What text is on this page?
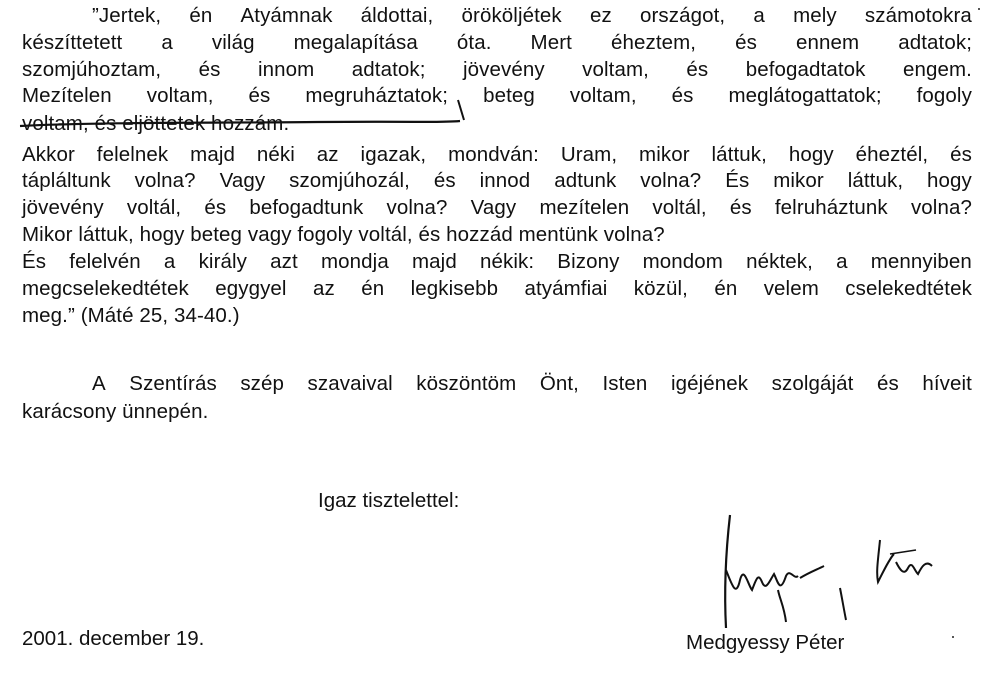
”Jertek, én Atyámnak áldottai, örököljétek ez országot, a mely számotokra
készíttetett a világ megalapítása óta. Mert éheztem, és ennem adtatok;
szomjúhoztam, és innom adtatok; jövevény voltam, és befogadtatok engem.
Mezítelen voltam, és megruháztatok; beteg voltam, és meglátogattatok; fogoly
voltam, és eljöttetek hozzám.
Akkor felelnek majd néki az igazak, mondván: Uram, mikor láttuk, hogy éheztél, és
tápláltunk volna? Vagy szomjúhozál, és innod adtunk volna? És mikor láttuk, hogy
jövevény voltál, és befogadtunk volna? Vagy mezítelen voltál, és felruháztunk volna?
Mikor láttuk, hogy beteg vagy fogoly voltál, és hozzád mentünk volna?
És felelvén a király azt mondja majd nékik: Bizony mondom néktek, a mennyiben
megcselekedtétek egygyel az én legkisebb atyámfiai közül, én velem cselekedtétek
meg.” (Máté 25, 34-40.)
A Szentírás szép szavaival köszöntöm Önt, Isten igéjének szolgáját és híveit
karácsony ünnepén.
Igaz tisztelettel:
2001. december 19.	Medgyessy Péter
